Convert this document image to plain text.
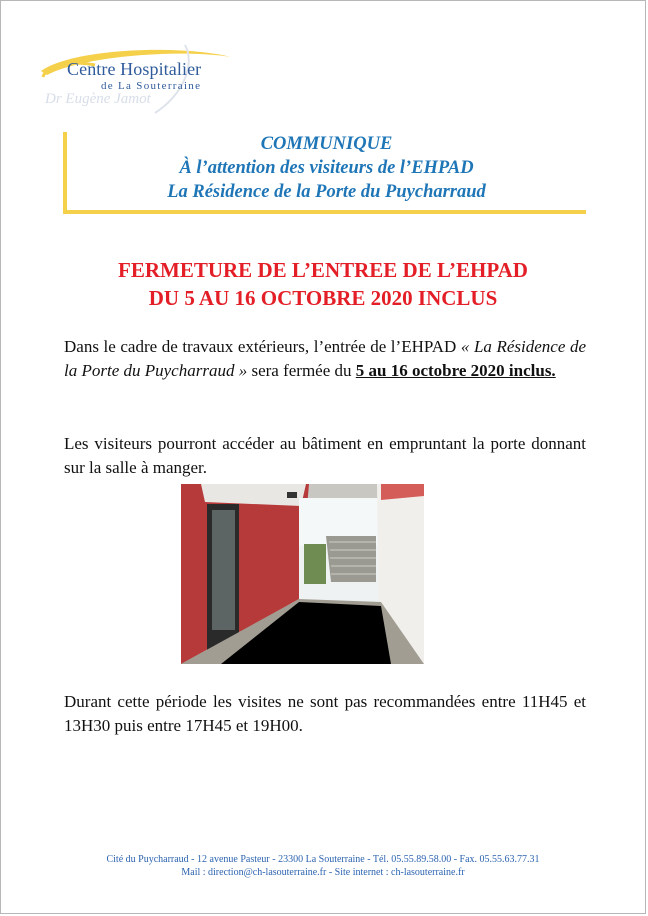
Centre Hospitalier
de La Souterraine
Dr Eugène Jamot
COMMUNIQUE
À l’attention des visiteurs de l’EHPAD
La Résidence de la Porte du Puycharraud
FERMETURE DE L’ENTREE DE L’EHPAD
DU 5 AU 16 OCTOBRE 2020 INCLUS
Dans le cadre de travaux extérieurs, l’entrée de l’EHPAD « La Résidence de la Porte du Puycharraud » sera fermée du 5 au 16 octobre 2020 inclus.
Les visiteurs pourront accéder au bâtiment en empruntant la porte donnant sur la salle à manger.
Durant cette période les visites ne sont pas recommandées entre 11H45 et 13H30 puis entre 17H45 et 19H00.
Cité du Puycharraud - 12 avenue Pasteur - 23300 La Souterraine - Tél. 05.55.89.58.00 - Fax. 05.55.63.77.31
Mail : direction@ch-lasouterraine.fr - Site internet : ch-lasouterraine.fr
